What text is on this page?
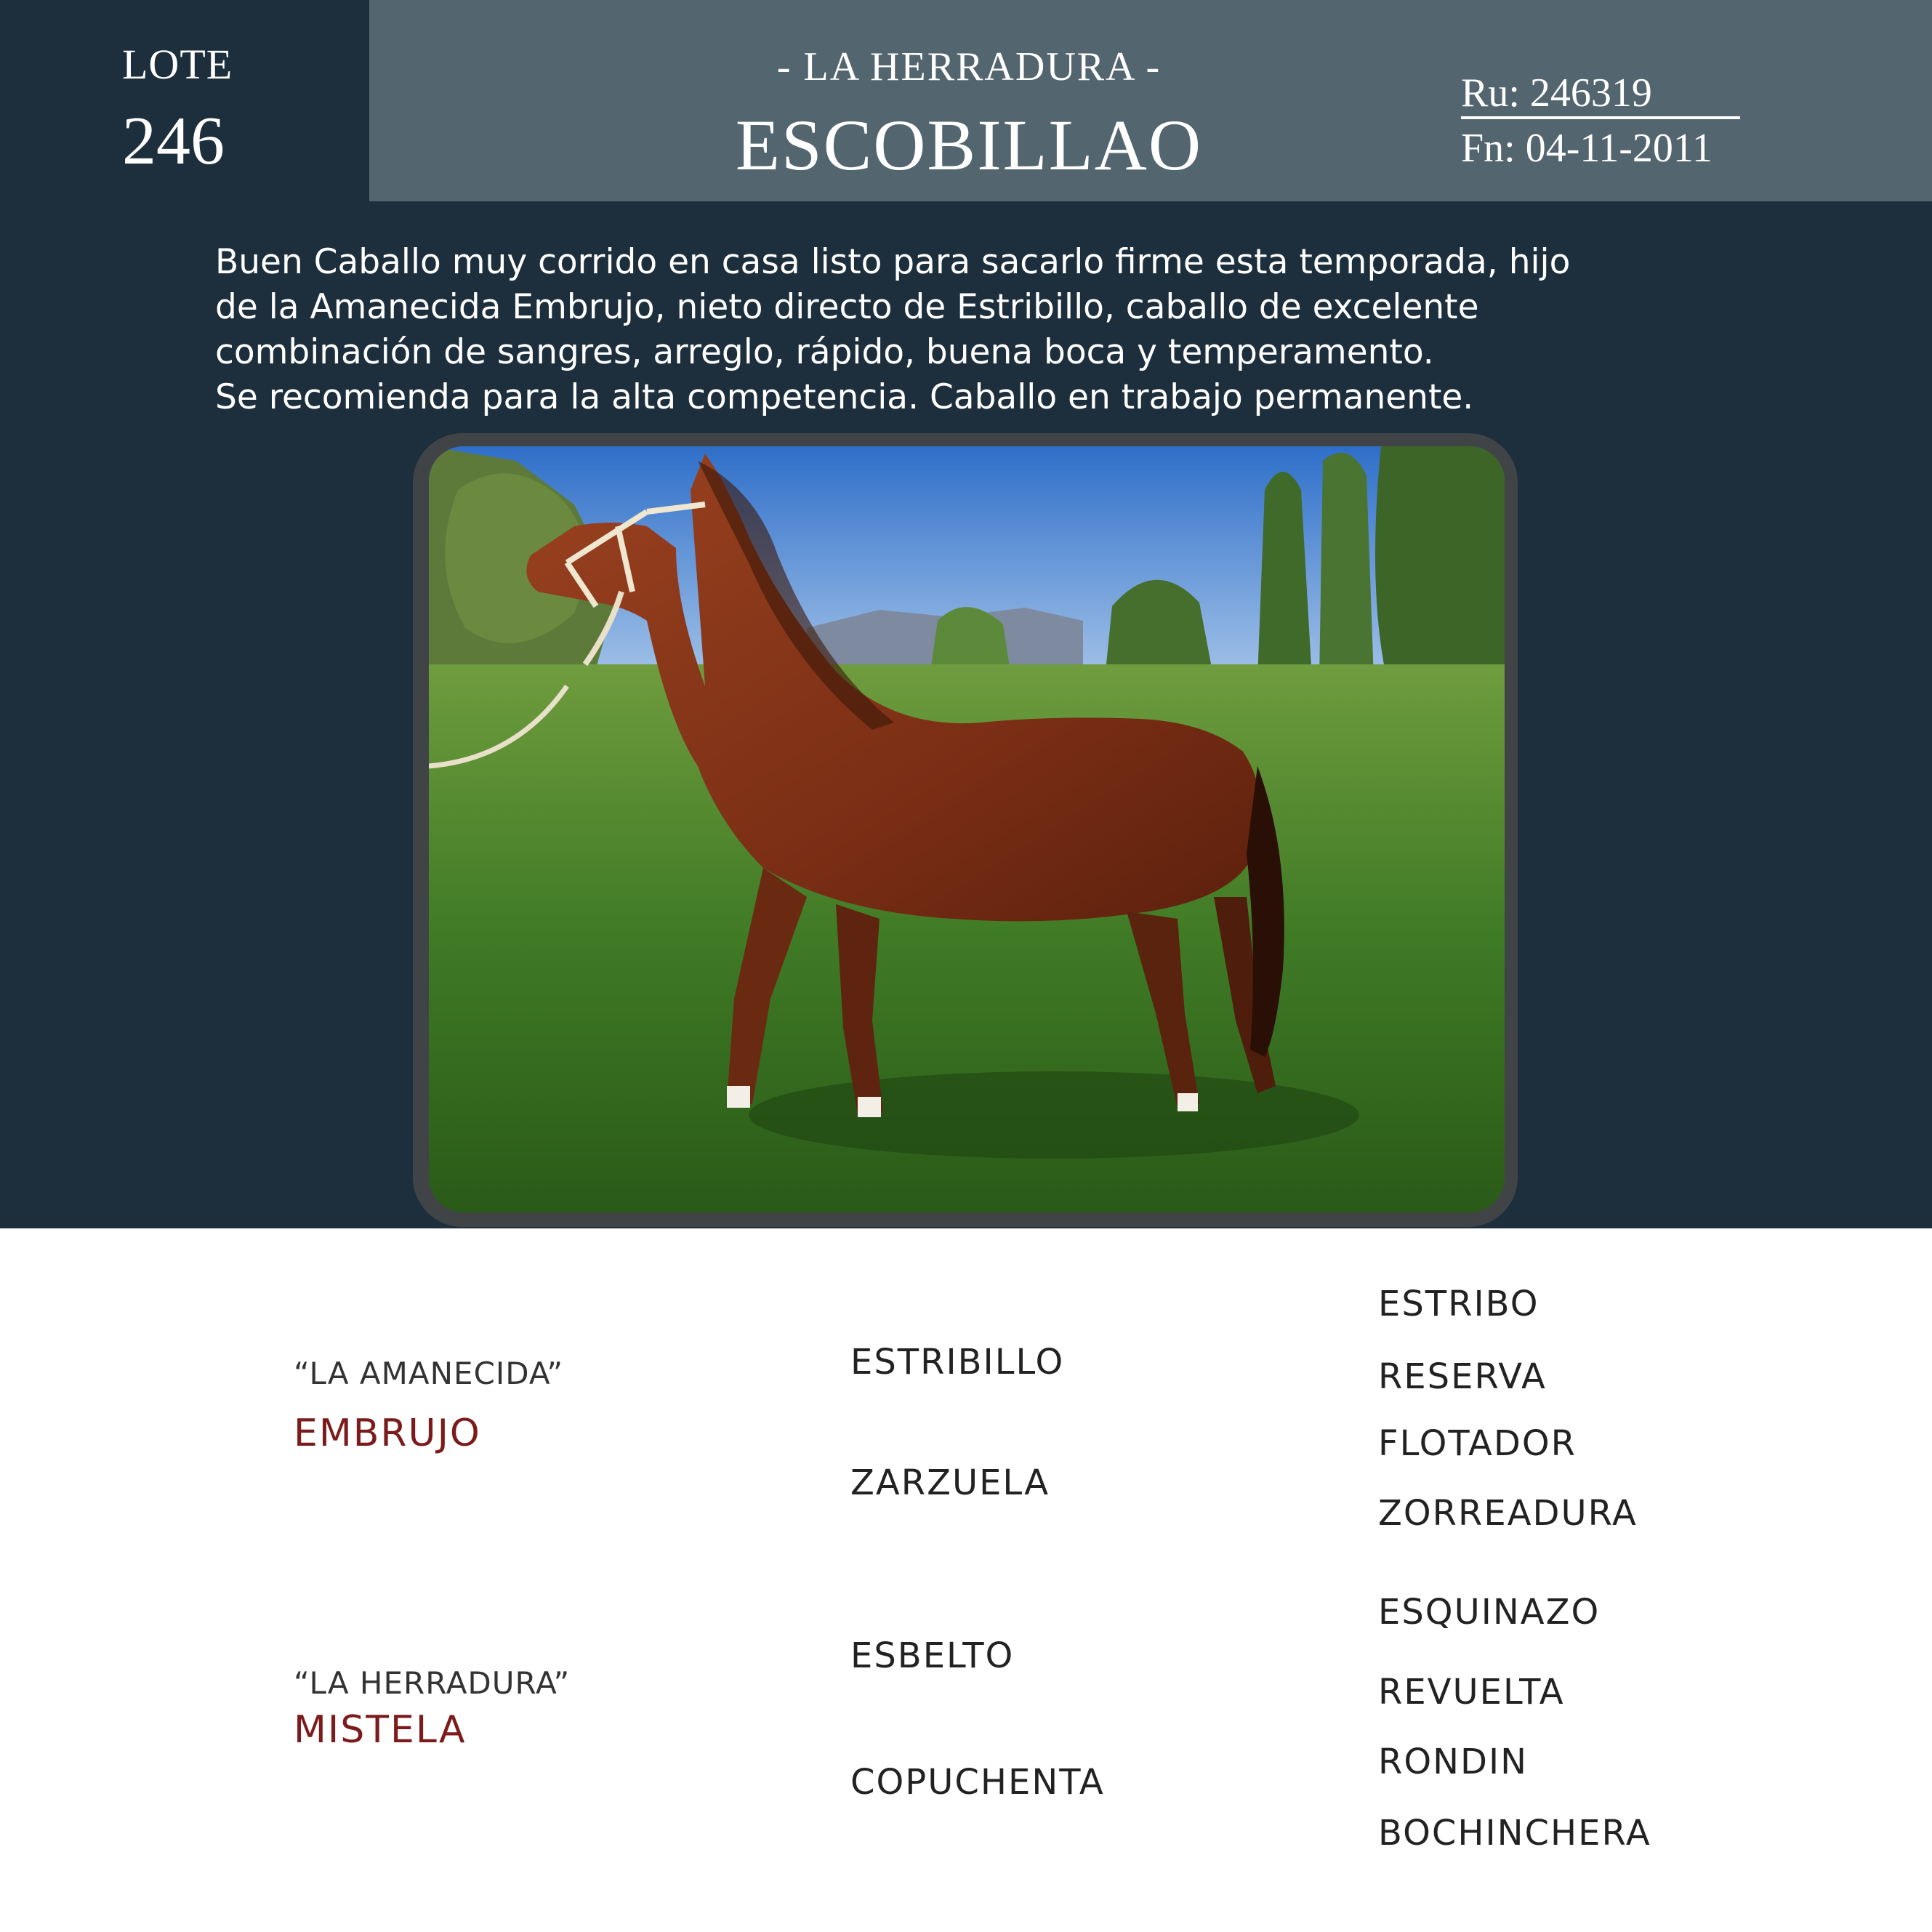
LOTE
246
- LA HERRADURA -
ESCOBILLAO
Ru: 246319
Fn: 04-11-2011

Buen Caballo muy corrido en casa listo para sacarlo firme esta temporada, hijo

de la Amanecida Embrujo, nieto directo de Estribillo, caballo de excelente

combinación de sangres, arreglo, rápido, buena boca y temperamento.

Se recomienda para la alta competencia. Caballo en trabajo permanente.

“LA AMANECIDA”
EMBRUJO
ESTRIBILLO
ZARZUELA
ESTRIBO
RESERVA
FLOTADOR
ZORREADURA
“LA HERRADURA”
MISTELA
ESBELTO
COPUCHENTA
ESQUINAZO
REVUELTA
RONDIN
BOCHINCHERA
